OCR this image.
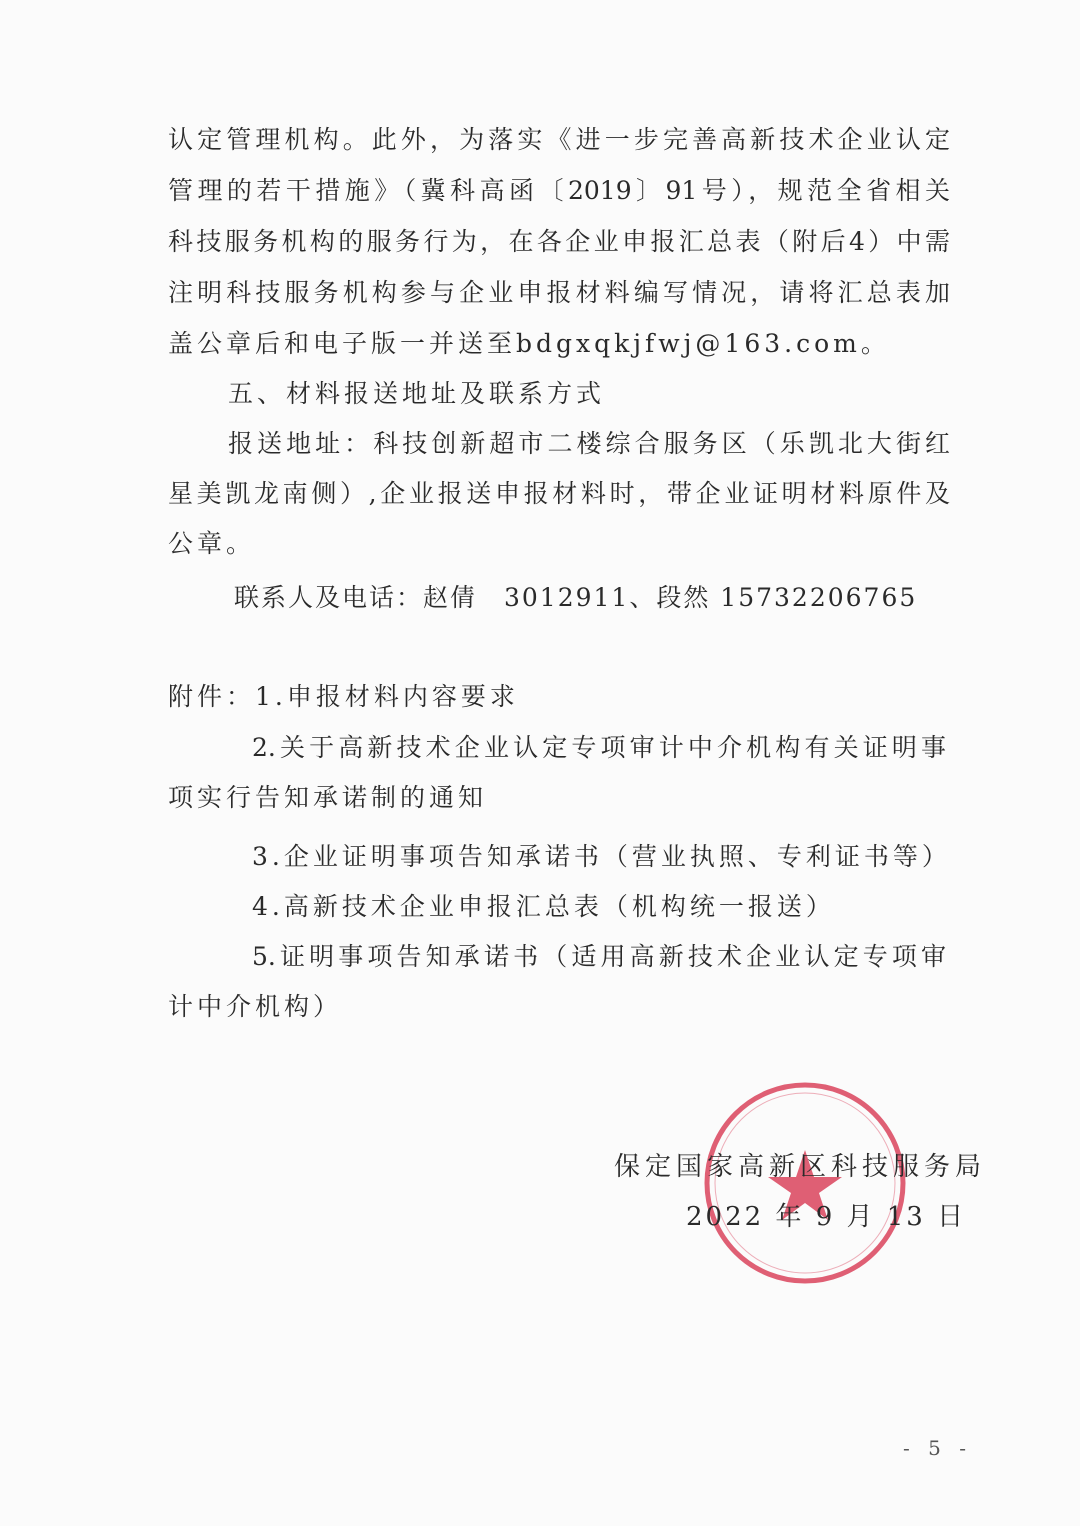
认定管理机构。此外，为落实《进一步完善高新技术企业认定
管理的若干措施》（冀科高函〔2019〕91号），规范全省相关
科技服务机构的服务行为，在各企业申报汇总表（附后4）中需
注明科技服务机构参与企业申报材料编写情况，请将汇总表加
盖公章后和电子版一并送至bdgxqkjfwj@163.com。
五、材料报送地址及联系方式
报送地址：科技创新超市二楼综合服务区（乐凯北大街红
星美凯龙南侧）,企业报送申报材料时，带企业证明材料原件及
公章。
联系人及电话：赵倩　3012911、段然 15732206765
附件：1.申报材料内容要求
2.关于高新技术企业认定专项审计中介机构有关证明事
项实行告知承诺制的通知
3.企业证明事项告知承诺书（营业执照、专利证书等）
4.高新技术企业申报汇总表（机构统一报送）
5.证明事项告知承诺书（适用高新技术企业认定专项审
计中介机构）
保定国家高新区科技服务局
2022 年 9 月 13 日
- 5 -
